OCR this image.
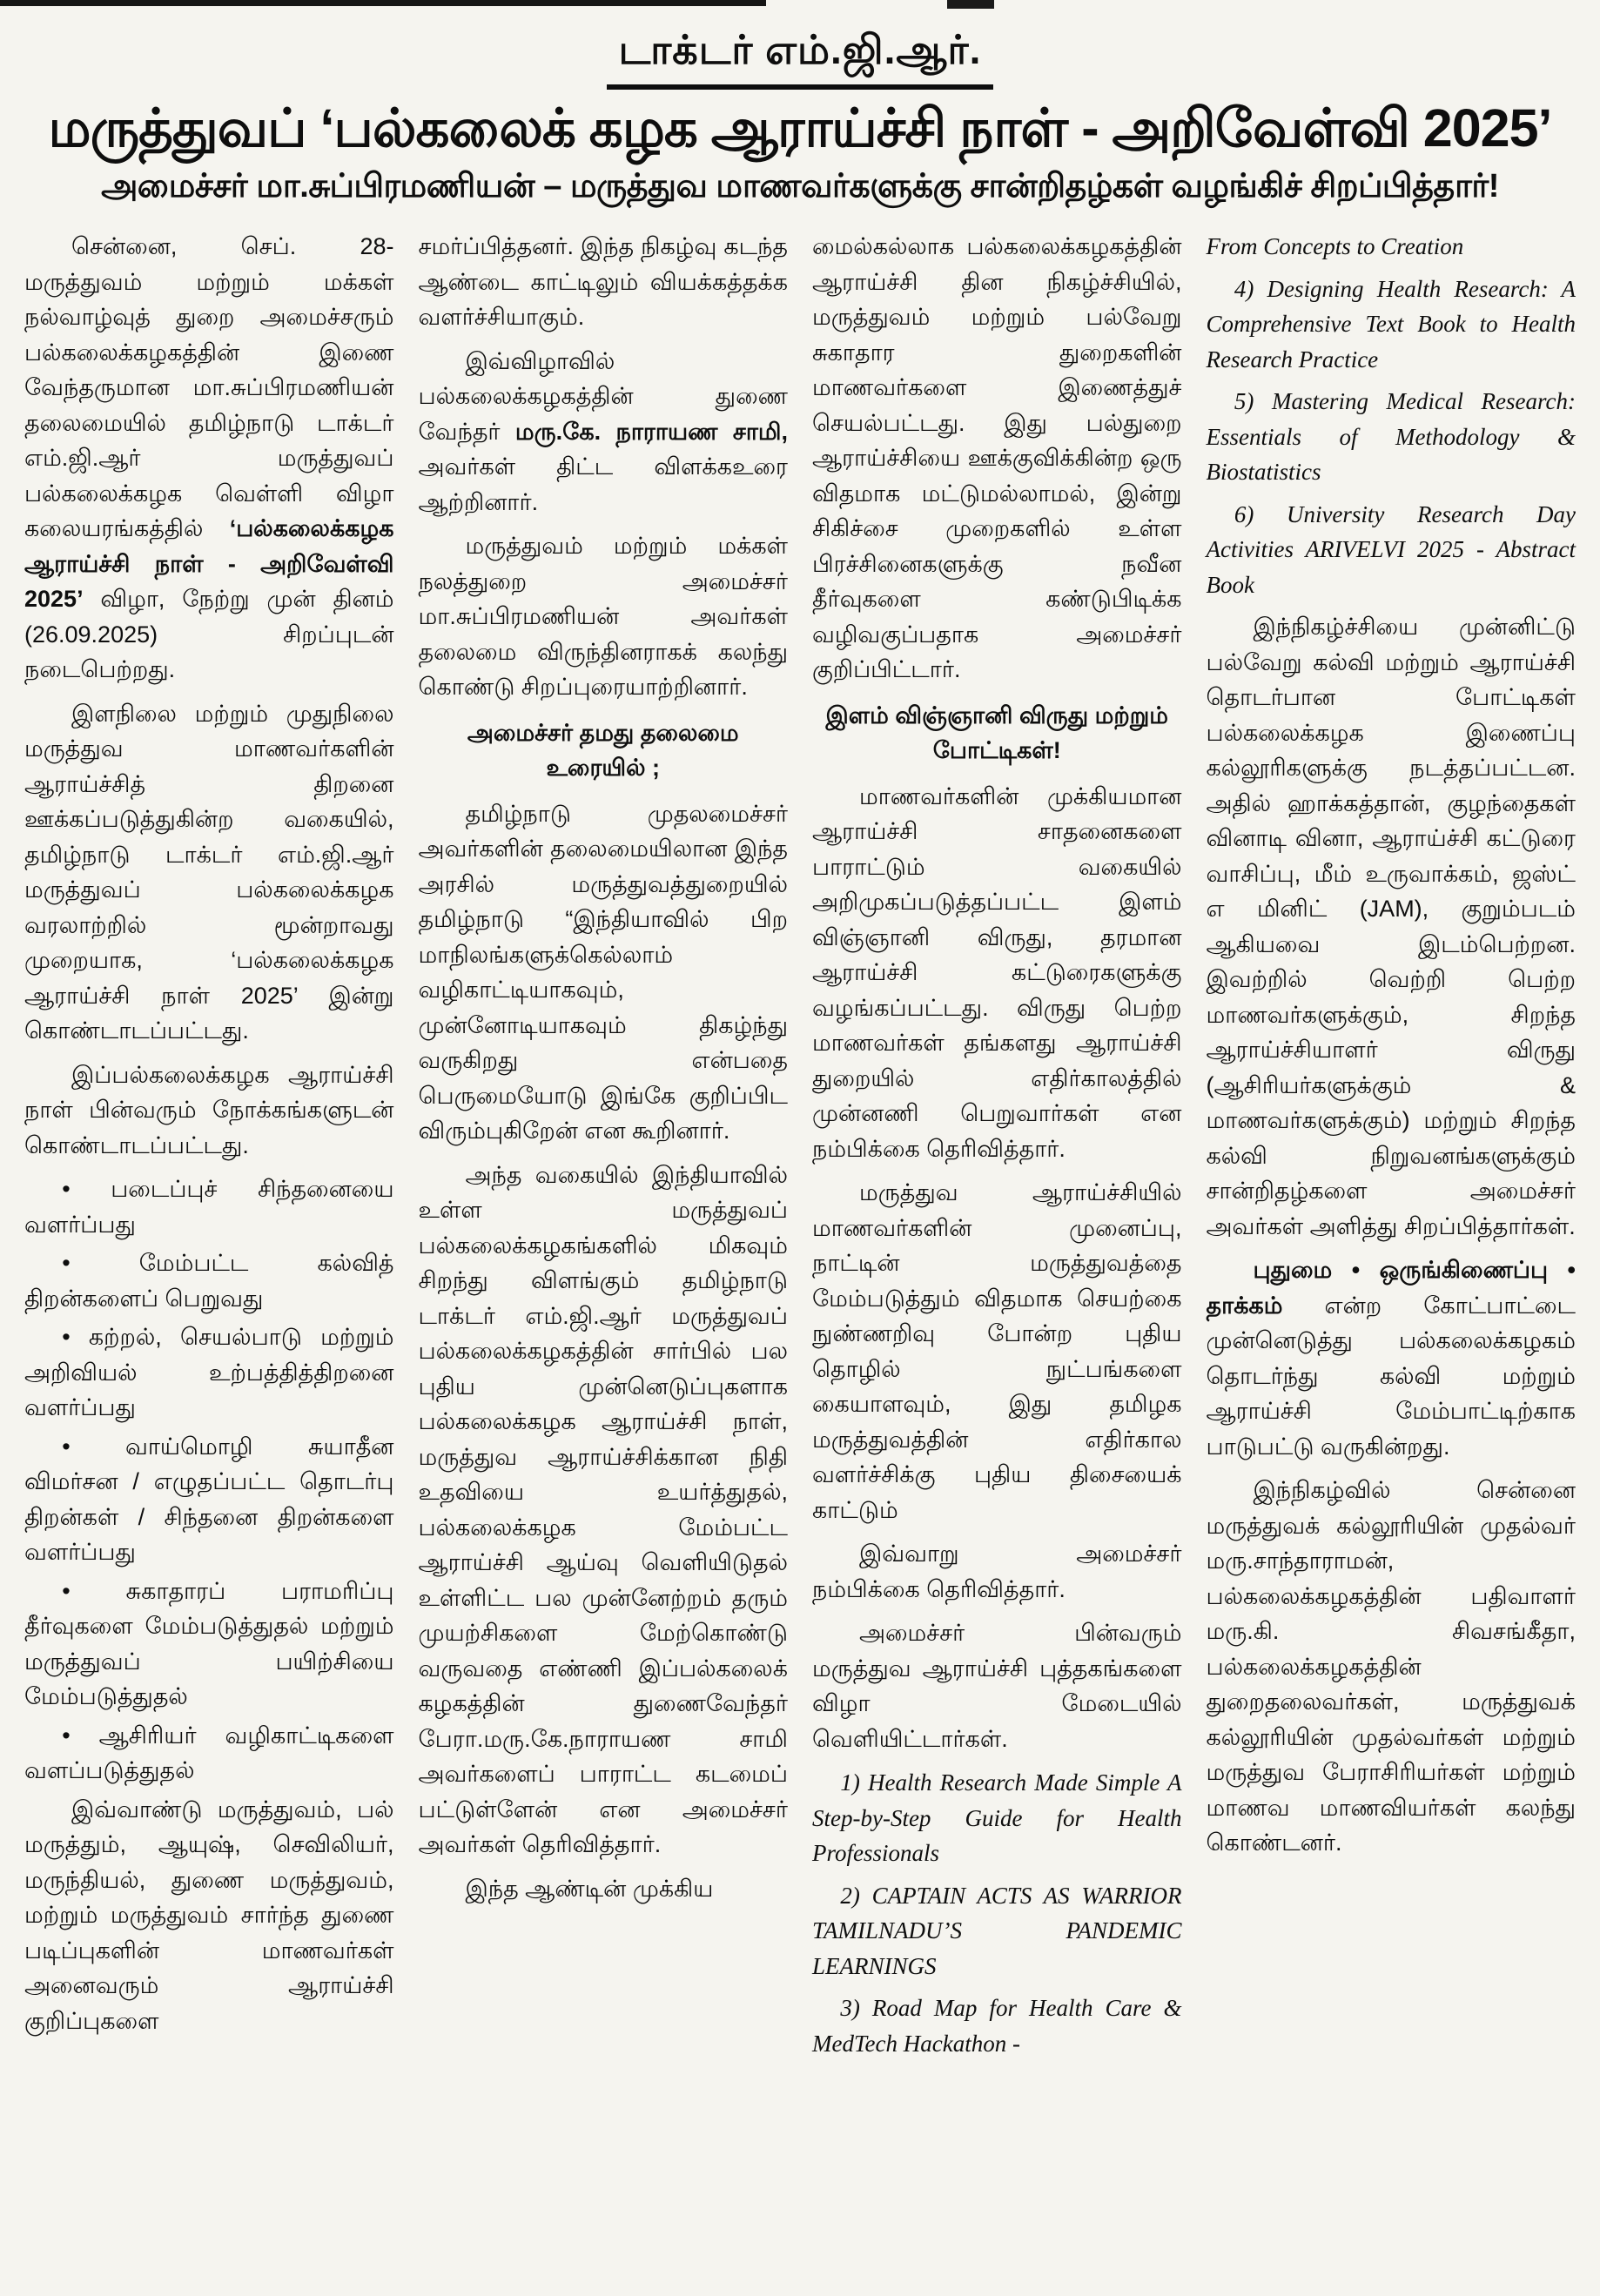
டாக்டர் எம்.ஜி.ஆர்.
மருத்துவப் ‘பல்கலைக் கழக ஆராய்ச்சி நாள் - அறிவேள்வி 2025’
அமைச்சர் மா.சுப்பிரமணியன் – மருத்துவ மாணவர்களுக்கு சான்றிதழ்கள் வழங்கிச் சிறப்பித்தார்!

சென்னை, செப். 28- மருத்துவம் மற்றும் மக்கள் நல்வாழ்வுத் துறை அமைச்சரும் பல்கலைக்கழகத்தின் இணை வேந்தருமான மா.சுப்பிரமணியன் தலைமையில் தமிழ்நாடு டாக்டர் எம்.ஜி.ஆர் மருத்துவப் பல்கலைக்கழக வெள்ளி விழா கலையரங்கத்தில் ‘பல்கலைக்கழக ஆராய்ச்சி நாள் - அறிவேள்வி 2025’ விழா, நேற்று முன் தினம் (26.09.2025) சிறப்புடன் நடைபெற்றது.

இளநிலை மற்றும் முதுநிலை மருத்துவ மாணவர்களின் ஆராய்ச்சித் திறனை ஊக்கப்படுத்துகின்ற வகையில், தமிழ்நாடு டாக்டர் எம்.ஜி.ஆர் மருத்துவப் பல்கலைக்கழக வரலாற்றில் மூன்றாவது முறையாக, ‘பல்கலைக்கழக ஆராய்ச்சி நாள் 2025’ இன்று கொண்டாடப்பட்டது.

இப்பல்கலைக்கழக ஆராய்ச்சி நாள் பின்வரும் நோக்கங்களுடன் கொண்டாடப்பட்டது.

• படைப்புச் சிந்தனையை வளர்ப்பது

• மேம்பட்ட கல்வித் திறன்களைப் பெறுவது

• கற்றல், செயல்பாடு மற்றும் அறிவியல் உற்பத்தித்திறனை வளர்ப்பது

• வாய்மொழி சுயாதீன விமர்சன / எழுதப்பட்ட தொடர்பு திறன்கள் / சிந்தனை திறன்களை வளர்ப்பது

• சுகாதாரப் பராமரிப்பு தீர்வுகளை மேம்படுத்துதல் மற்றும் மருத்துவப் பயிற்சியை மேம்படுத்துதல்

• ஆசிரியர் வழிகாட்டிகளை வளப்படுத்துதல்

இவ்வாண்டு மருத்துவம், பல் மருத்தும், ஆயுஷ், செவிலியர், மருந்தியல், துணை மருத்துவம், மற்றும் மருத்துவம் சார்ந்த துணை படிப்புகளின் மாணவர்கள் அனைவரும் ஆராய்ச்சி குறிப்புகளை

சமர்ப்பித்தனர். இந்த நிகழ்வு கடந்த ஆண்டை காட்டிலும் வியக்கத்தக்க வளர்ச்சியாகும்.

இவ்விழாவில் பல்கலைக்கழகத்தின் துணை வேந்தர் மரு.கே. நாராயண சாமி, அவர்கள் திட்ட விளக்கஉரை ஆற்றினார்.

மருத்துவம் மற்றும் மக்கள் நலத்துறை அமைச்சர் மா.சுப்பிரமணியன் அவர்கள் தலைமை விருந்தினராகக் கலந்து கொண்டு சிறப்புரையாற்றினார்.

அமைச்சர் தமது தலைமை உரையில் ;

தமிழ்நாடு முதலமைச்சர் அவர்களின் தலைமையிலான இந்த அரசில் மருத்துவத்துறையில் தமிழ்நாடு “இந்தியாவில் பிற மாநிலங்களுக்கெல்லாம் வழிகாட்டியாகவும், முன்னோடியாகவும் திகழ்ந்து வருகிறது என்பதை பெருமையோடு இங்கே குறிப்பிட விரும்புகிறேன் என கூறினார்.

அந்த வகையில் இந்தியாவில் உள்ள மருத்துவப் பல்கலைக்கழகங்களில் மிகவும் சிறந்து விளங்கும் தமிழ்நாடு டாக்டர் எம்.ஜி.ஆர் மருத்துவப் பல்கலைக்கழகத்தின் சார்பில் பல புதிய முன்னெடுப்புகளாக பல்கலைக்கழக ஆராய்ச்சி நாள், மருத்துவ ஆராய்ச்சிக்கான நிதி உதவியை உயர்த்துதல், பல்கலைக்கழக மேம்பட்ட ஆராய்ச்சி ஆய்வு வெளியிடுதல் உள்ளிட்ட பல முன்னேற்றம் தரும் முயற்சிகளை மேற்கொண்டு வருவதை எண்ணி இப்பல்கலைக் கழகத்தின் துணைவேந்தர் பேரா.மரு.கே.நாராயண சாமி அவர்களைப் பாராட்ட கடமைப் பட்டுள்ளேன் என அமைச்சர் அவர்கள் தெரிவித்தார்.

இந்த ஆண்டின் முக்கிய

மைல்கல்லாக பல்கலைக்கழகத்தின் ஆராய்ச்சி தின நிகழ்ச்சியில், மருத்துவம் மற்றும் பல்வேறு சுகாதார துறைகளின் மாணவர்களை இணைத்துச் செயல்பட்டது. இது பல்துறை ஆராய்ச்சியை ஊக்குவிக்கின்ற ஒரு விதமாக மட்டுமல்லாமல், இன்று சிகிச்சை முறைகளில் உள்ள பிரச்சினைகளுக்கு நவீன தீர்வுகளை கண்டுபிடிக்க வழிவகுப்பதாக அமைச்சர் குறிப்பிட்டார்.

இளம் விஞ்ஞானி விருது மற்றும் போட்டிகள்!

மாணவர்களின் முக்கியமான ஆராய்ச்சி சாதனைகளை பாராட்டும் வகையில் அறிமுகப்படுத்தப்பட்ட இளம் விஞ்ஞானி விருது, தரமான ஆராய்ச்சி கட்டுரைகளுக்கு வழங்கப்பட்டது. விருது பெற்ற மாணவர்கள் தங்களது ஆராய்ச்சி துறையில் எதிர்காலத்தில் முன்னணி பெறுவார்கள் என நம்பிக்கை தெரிவித்தார்.

மருத்துவ ஆராய்ச்சியில் மாணவர்களின் முனைப்பு, நாட்டின் மருத்துவத்தை மேம்படுத்தும் விதமாக செயற்கை நுண்ணறிவு போன்ற புதிய தொழில் நுட்பங்களை கையாளவும், இது தமிழக மருத்துவத்தின் எதிர்கால வளர்ச்சிக்கு புதிய திசையைக் காட்டும்

இவ்வாறு அமைச்சர் நம்பிக்கை தெரிவித்தார்.

அமைச்சர் பின்வரும் மருத்துவ ஆராய்ச்சி புத்தகங்களை விழா மேடையில் வெளியிட்டார்கள்.

1) Health Research Made Simple A Step-by-Step Guide for Health Professionals

2) CAPTAIN ACTS AS WARRIOR TAMILNADU’S PANDEMIC LEARNINGS

3) Road Map for Health Care & MedTech Hackathon -

From Concepts to Creation

4) Designing Health Research: A Comprehensive Text Book to Health Research Practice

5) Mastering Medical Research: Essentials of Methodology & Biostatistics

6) University Research Day Activities ARIVELVI 2025 - Abstract Book

இந்நிகழ்ச்சியை முன்னிட்டு பல்வேறு கல்வி மற்றும் ஆராய்ச்சி தொடர்பான போட்டிகள் பல்கலைக்கழக இணைப்பு கல்லூரிகளுக்கு நடத்தப்பட்டன. அதில் ஹாக்கத்தான், குழந்தைகள் வினாடி வினா, ஆராய்ச்சி கட்டுரை வாசிப்பு, மீம் உருவாக்கம், ஜஸ்ட் எ மினிட் (JAM), குறும்படம் ஆகியவை இடம்பெற்றன. இவற்றில் வெற்றி பெற்ற மாணவர்களுக்கும், சிறந்த ஆராய்ச்சியாளர் விருது (ஆசிரியர்களுக்கும் & மாணவர்களுக்கும்) மற்றும் சிறந்த கல்வி நிறுவனங்களுக்கும் சான்றிதழ்களை அமைச்சர் அவர்கள் அளித்து சிறப்பித்தார்கள்.

புதுமை • ஒருங்கிணைப்பு • தாக்கம் என்ற கோட்பாட்டை முன்னெடுத்து பல்கலைக்கழகம் தொடர்ந்து கல்வி மற்றும் ஆராய்ச்சி மேம்பாட்டிற்காக பாடுபட்டு வருகின்றது.

இந்நிகழ்வில் சென்னை மருத்துவக் கல்லூரியின் முதல்வர் மரு.சாந்தாராமன், பல்கலைக்கழகத்தின் பதிவாளர் மரு.கி. சிவசங்கீதா, பல்கலைக்கழகத்தின் துறைதலைவர்கள், மருத்துவக் கல்லூரியின் முதல்வர்கள் மற்றும் மருத்துவ பேராசிரியர்கள் மற்றும் மாணவ மாணவியர்கள் கலந்து கொண்டனர்.
